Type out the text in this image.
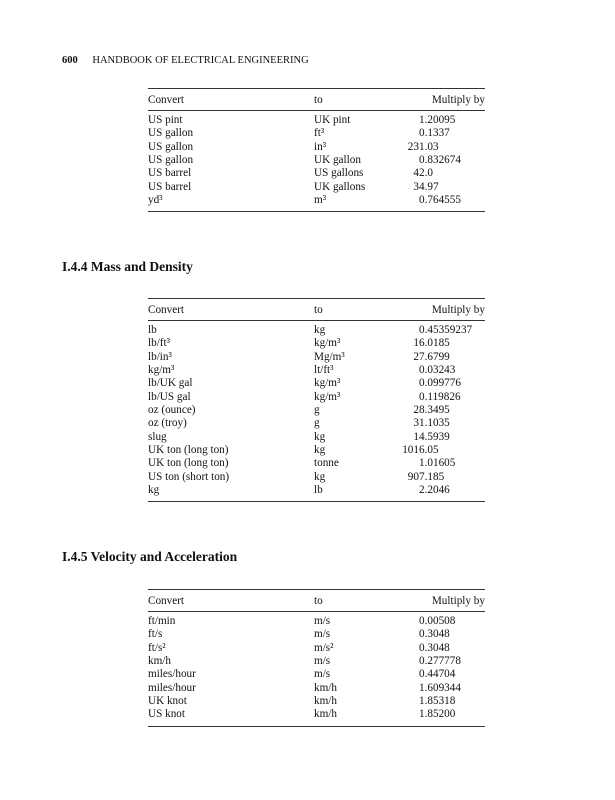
600 HANDBOOK OF ELECTRICAL ENGINEERING
Convert	to	Multiply by
US pint	UK pint	1.20095
US gallon	ft³	0.1337
US gallon	in³	231.03
US gallon	UK gallon	0.832674
US barrel	US gallons	42.0
US barrel	UK gallons	34.97
yd³	m³	0.764555
I.4.4 Mass and Density
Convert	to	Multiply by
lb	kg	0.45359237
lb/ft³	kg/m³	16.0185
lb/in³	Mg/m³	27.6799
kg/m³	lt/ft³	0.03243
lb/UK gal	kg/m³	0.099776
lb/US gal	kg/m³	0.119826
oz (ounce)	g	28.3495
oz (troy)	g	31.1035
slug	kg	14.5939
UK ton (long ton)	kg	1016.05
UK ton (long ton)	tonne	1.01605
US ton (short ton)	kg	907.185
kg	lb	2.2046
I.4.5 Velocity and Acceleration
Convert	to	Multiply by
ft/min	m/s	0.00508
ft/s	m/s	0.3048
ft/s²	m/s²	0.3048
km/h	m/s	0.277778
miles/hour	m/s	0.44704
miles/hour	km/h	1.609344
UK knot	km/h	1.85318
US knot	km/h	1.85200
